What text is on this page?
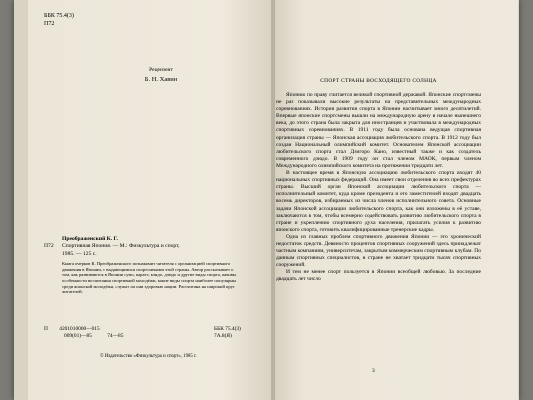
ББК 75.4(3)
П72
Рецензент
Б. Н. Хавин
Преображенский К. Г.
П72	Спортивная Япония. — М.: Физкультура и спорт,
1985. — 125 с.
Книга очерков К. Преображенского познакомит читателя с организацией спортивного движения в Японии, с выдающимися спортсменами этой страны. Автор рассказывает о том, как развиваются в Японии сумо, каратэ, кэндо, дзюдо и другие виды спорта, каковы особенности воспитания спортивной молодёжи, какие виды спорта наиболее популярны среди японской молодёжи, служат ли они здоровью нации. Рассчитана на широкий круг читателей.
ББК 75.4(3)
7А.8(Я)
П 4201010000—015
009(01)—85	74—85
© Издательство «Физкультура и спорт», 1985 г.
СПОРТ СТРАНЫ ВОСХОДЯЩЕГО СОЛНЦА

Японию по праву считается великой спортивной державой. Японские спортсмены не раз показывали высокие результаты на представительных международных соревнованиях. История развития спорта в Японии насчитывает много десятилетий. Впервые японские спортсмены вышли на международную арену в начале нынешнего века, до этого страна была закрыта для иностранцев и участвовала в международных спортивных соревнованиях. В 1911 году была основана ведущая спортивная организация страны — Японская ассоциация любительского спорта. В 1912 году был создан Национальный олимпийский комитет. Основателем Японской ассоциации любительского спорта стал Дзигоро Кано, известный также и как создатель современного дзюдо. В 1909 году он стал членом МАОК, первым членом Международного олимпийского комитета на протяжении тридцати лет.

В настоящее время в Японскую ассоциацию любительского спорта входят 40 национальных спортивных федераций. Она имеет свои отделения во всех префектурах страны. Высший орган Японской ассоциации любительского спорта — исполнительный комитет, куда кроме президента и его заместителей входят двадцать восемь директоров, избираемых из числа членов исполнительного совета. Основные задачи Японской ассоциации любительского спорта, как они изложены в её уставе, заключаются в том, чтобы всемерно содействовать развитию любительского спорта в стране и укреплению спортивного духа населения, прилагать усилия к развитию японского спорта, готовить квалифицированные тренерские кадры.

Одна из главных проблем спортивного движения Японии — это хронический недостаток средств. Девяносто процентов спортивных сооружений здесь принадлежат частным компаниям, университетам, закрытым коммерческим спортивным клубам. По данным спортивных специалистов, в стране не хватает тридцати тысяч спортивных сооружений.

И тем не менее спорт пользуется в Японии всеобщей любовью. За последние двадцать лет число

3
